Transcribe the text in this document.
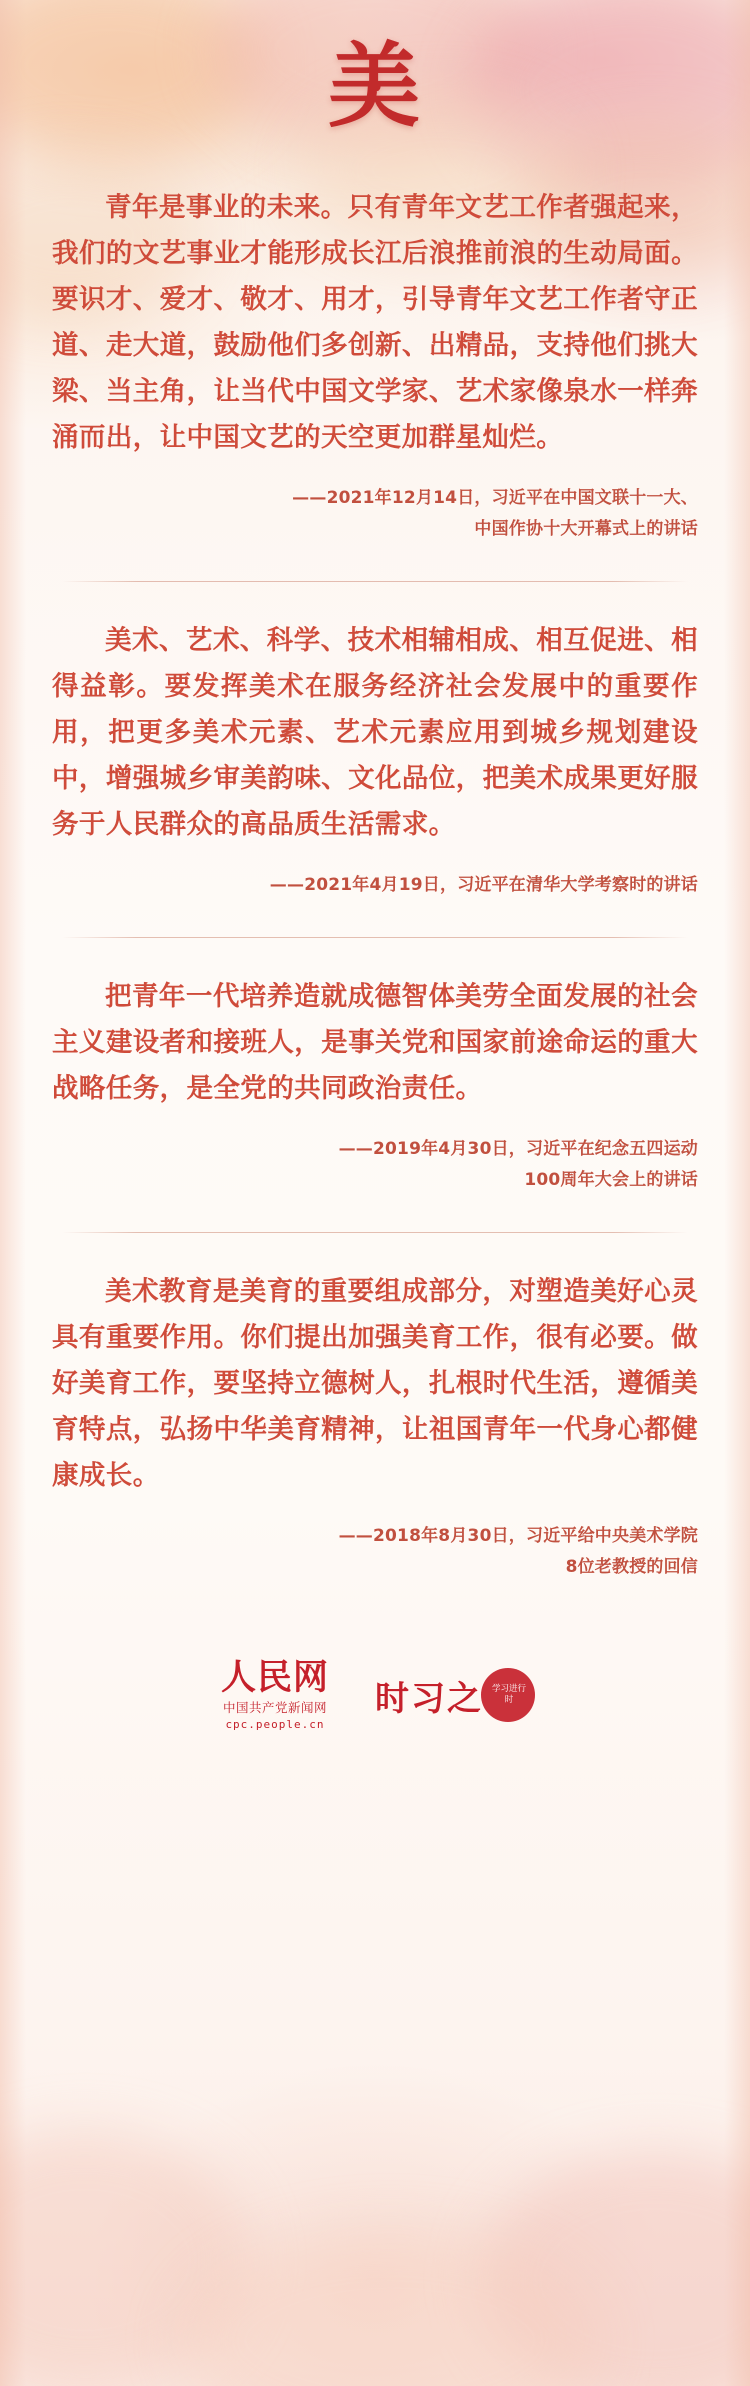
美
青年是事业的未来。只有青年文艺工作者强起来，我们的文艺事业才能形成长江后浪推前浪的生动局面。要识才、爱才、敬才、用才，引导青年文艺工作者守正道、走大道，鼓励他们多创新、出精品，支持他们挑大梁、当主角，让当代中国文学家、艺术家像泉水一样奔涌而出，让中国文艺的天空更加群星灿烂。
——2021年12月14日，习近平在中国文联十一大、
中国作协十大开幕式上的讲话
美术、艺术、科学、技术相辅相成、相互促进、相得益彰。要发挥美术在服务经济社会发展中的重要作用，把更多美术元素、艺术元素应用到城乡规划建设中，增强城乡审美韵味、文化品位，把美术成果更好服务于人民群众的高品质生活需求。
——2021年4月19日，习近平在清华大学考察时的讲话
把青年一代培养造就成德智体美劳全面发展的社会主义建设者和接班人，是事关党和国家前途命运的重大战略任务，是全党的共同政治责任。
——2019年4月30日，习近平在纪念五四运动
100周年大会上的讲话
美术教育是美育的重要组成部分，对塑造美好心灵具有重要作用。你们提出加强美育工作，很有必要。做好美育工作，要坚持立德树人，扎根时代生活，遵循美育特点，弘扬中华美育精神，让祖国青年一代身心都健康成长。
——2018年8月30日，习近平给中央美术学院
8位老教授的回信
人民网
中国共产党新闻网
cpc.people.cn
时习之	学习进行时
